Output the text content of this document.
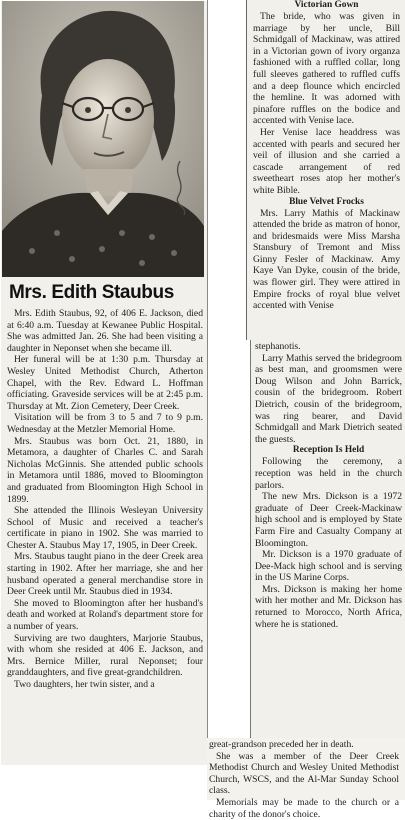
Mrs. Edith Staubus

Mrs. Edith Staubus, 92, of 406 E. Jackson, died at 6:40 a.m. Tuesday at Kewanee Public Hospital. She was admitted Jan. 26. She had been visiting a daughter in Neponset when she became ill.

Her funeral will be at 1:30 p.m. Thursday at Wesley United Methodist Church, Atherton Chapel, with the Rev. Edward L. Hoffman officiating. Graveside services will be at 2:45 p.m. Thursday at Mt. Zion Cemetery, Deer Creek.

Visitation will be from 3 to 5 and 7 to 9 p.m. Wednesday at the Metzler Memorial Home.

Mrs. Staubus was born Oct. 21, 1880, in Metamora, a daughter of Charles C. and Sarah Nicholas McGinnis. She attended public schools in Metamora until 1886, moved to Bloomington and graduated from Bloomington High School in 1899.

She attended the Illinois Wesleyan University School of Music and received a teacher's certificate in piano in 1902. She was married to Chester A. Staubus May 17, 1905, in Deer Creek.

Mrs. Staubus taught piano in the deer Creek area starting in 1902. After her marriage, she and her husband operated a general merchandise store in Deer Creek until Mr. Staubus died in 1934.

She moved to Bloomington after her husband's death and worked at Roland's department store for a number of years.

Surviving are two daughters, Marjorie Staubus, with whom she resided at 406 E. Jackson, and Mrs. Bernice Miller, rural Neponset; four granddaughters, and five great-grandchildren.

Two daughters, her twin sister, and a

Victorian Gown

The bride, who was given in marriage by her uncle, Bill Schmidgall of Mackinaw, was attired in a Victorian gown of ivory organza fashioned with a ruffled collar, long full sleeves gathered to ruffled cuffs and a deep flounce which encircled the hemline. It was adorned with pinafore ruffles on the bodice and accented with Venise lace.

Her Venise lace headdress was accented with pearls and secured her veil of illusion and she carried a cascade arrangement of red sweetheart roses atop her mother's white Bible.

Blue Velvet Frocks

Mrs. Larry Mathis of Mackinaw attended the bride as matron of honor, and bridesmaids were Miss Marsha Stansbury of Tremont and Miss Ginny Fesler of Mackinaw. Amy Kaye Van Dyke, cousin of the bride, was flower girl. They were attired in Empire frocks of royal blue velvet accented with Venise

stephanotis.

Larry Mathis served the bridegroom as best man, and groomsmen were Doug Wilson and John Barrick, cousin of the bridegroom. Robert Dietrich, cousin of the bridegroom, was ring bearer, and David Schmidgall and Mark Dietrich seated the guests.

Reception Is Held

Following the ceremony, a reception was held in the church parlors.

The new Mrs. Dickson is a 1972 graduate of Deer Creek-Mackinaw high school and is employed by State Farm Fire and Casualty Company at Bloomington.

Mr. Dickson is a 1970 graduate of Dee-Mack high school and is serving in the US Marine Corps.

Mrs. Dickson is making her home with her mother and Mr. Dickson has returned to Morocco, North Africa, where he is stationed.

great-grandson preceded her in death.

She was a member of the Deer Creek Methodist Church and Wesley United Methodist Church, WSCS, and the Al-Mar Sunday School class.

Memorials may be made to the church or a charity of the donor's choice.
